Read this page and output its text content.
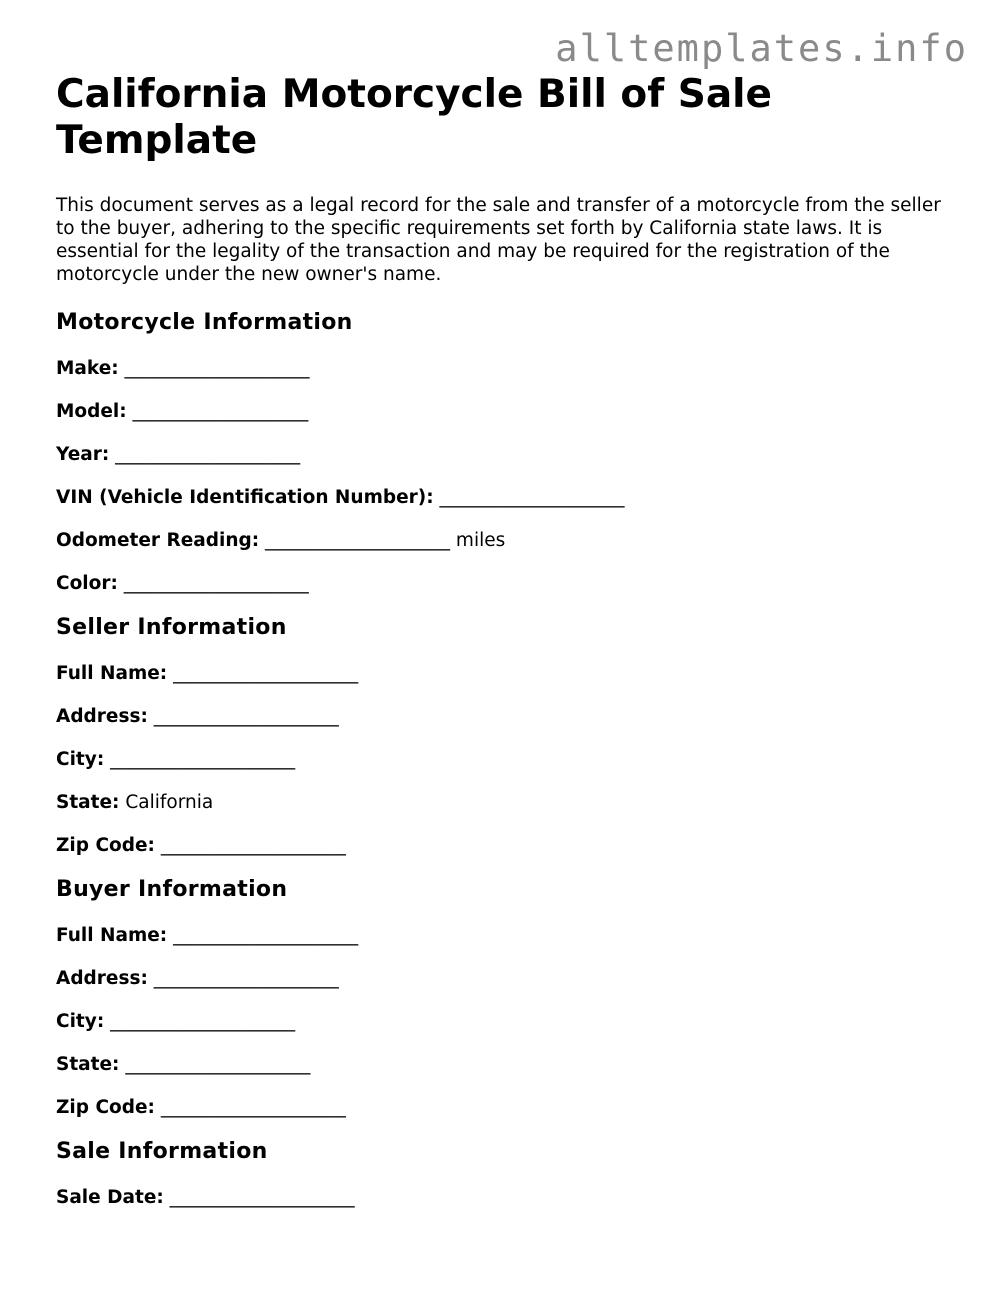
alltemplates.info
California Motorcycle Bill of Sale Template

This document serves as a legal record for the sale and transfer of a motorcycle from the seller to the buyer, adhering to the specific requirements set forth by California state laws. It is essential for the legality of the transaction and may be required for the registration of the motorcycle under the new owner's name.

Motorcycle Information
Make: ____________________
Model: ___________________
Year: ____________________
VIN (Vehicle Identification Number): ____________________
Odometer Reading: ____________________ miles
Color: ____________________
Seller Information
Full Name: ____________________
Address: ____________________
City: ____________________
State: California
Zip Code: ____________________
Buyer Information
Full Name: ____________________
Address: ____________________
City: ____________________
State: ____________________
Zip Code: ____________________
Sale Information
Sale Date: ____________________
